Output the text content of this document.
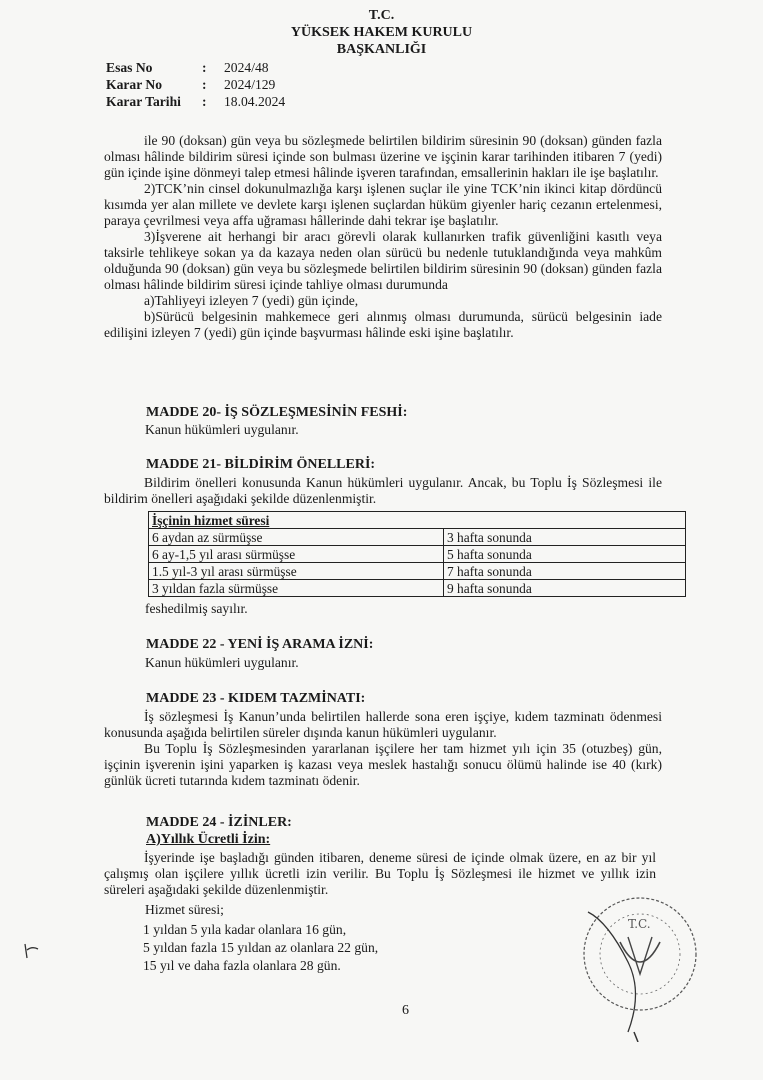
T.C.
YÜKSEK HAKEM KURULU
BAŞKANLIĞI
Esas No	:	2024/48
Karar No	:	2024/129
Karar Tarihi	:	18.04.2024

ile 90 (doksan) gün veya bu sözleşmede belirtilen bildirim süresinin 90 (doksan) günden fazla olması hâlinde bildirim süresi içinde son bulması üzerine ve işçinin karar tarihinden itibaren 7 (yedi) gün içinde işine dönmeyi talep etmesi hâlinde işveren tarafından, emsallerinin hakları ile işe başlatılır.

2)TCK’nin cinsel dokunulmazlığa karşı işlenen suçlar ile yine TCK’nin ikinci kitap dördüncü kısımda yer alan millete ve devlete karşı işlenen suçlardan hüküm giyenler hariç cezanın ertelenmesi, paraya çevrilmesi veya affa uğraması hâllerinde dahi tekrar işe başlatılır.

3)İşverene ait herhangi bir aracı görevli olarak kullanırken trafik güvenliğini kasıtlı veya taksirle tehlikeye sokan ya da kazaya neden olan sürücü bu nedenle tutuklandığında veya mahkûm olduğunda 90 (doksan) gün veya bu sözleşmede belirtilen bildirim süresinin 90 (doksan) günden fazla olması hâlinde bildirim süresi içinde tahliye olması durumunda

a)Tahliyeyi izleyen 7 (yedi) gün içinde,

b)Sürücü belgesinin mahkemece geri alınmış olması durumunda, sürücü belgesinin iade edilişini izleyen 7 (yedi) gün içinde başvurması hâlinde eski işine başlatılır.

MADDE 20- İŞ SÖZLEŞMESİNİN FESHİ:
Kanun hükümleri uygulanır.
MADDE 21- BİLDİRİM ÖNELLERİ:

Bildirim önelleri konusunda Kanun hükümleri uygulanır. Ancak, bu Toplu İş Sözleşmesi ile bildirim önelleri aşağıdaki şekilde düzenlenmiştir.

İşçinin hizmet süresi	
6 aydan az sürmüşse	3 hafta sonunda
6 ay-1,5 yıl arası sürmüşse	5 hafta sonunda
1.5 yıl-3 yıl arası sürmüşse	7 hafta sonunda
3 yıldan fazla sürmüşse	9 hafta sonunda
feshedilmiş sayılır.
MADDE 22 - YENİ İŞ ARAMA İZNİ:
Kanun hükümleri uygulanır.
MADDE 23 - KIDEM TAZMİNATI:

İş sözleşmesi İş Kanun’unda belirtilen hallerde sona eren işçiye, kıdem tazminatı ödenmesi konusunda aşağıda belirtilen süreler dışında kanun hükümleri uygulanır.

Bu Toplu İş Sözleşmesinden yararlanan işçilere her tam hizmet yılı için 35 (otuzbeş) gün, işçinin işverenin işini yaparken iş kazası veya meslek hastalığı sonucu ölümü halinde ise 40 (kırk) günlük ücreti tutarında kıdem tazminatı ödenir.

MADDE 24 - İZİNLER:
A)Yıllık Ücretli İzin:

İşyerinde işe başladığı günden itibaren, deneme süresi de içinde olmak üzere, en az bir yıl çalışmış olan işçilere yıllık ücretli izin verilir. Bu Toplu İş Sözleşmesi ile hizmet ve yıllık izin süreleri aşağıdaki şekilde düzenlenmiştir.

Hizmet süresi;
1 yıldan 5 yıla kadar olanlara 16 gün,
5 yıldan fazla 15 yıldan az olanlara 22 gün,
15 yıl ve daha fazla olanlara 28 gün.
6
T.C.
